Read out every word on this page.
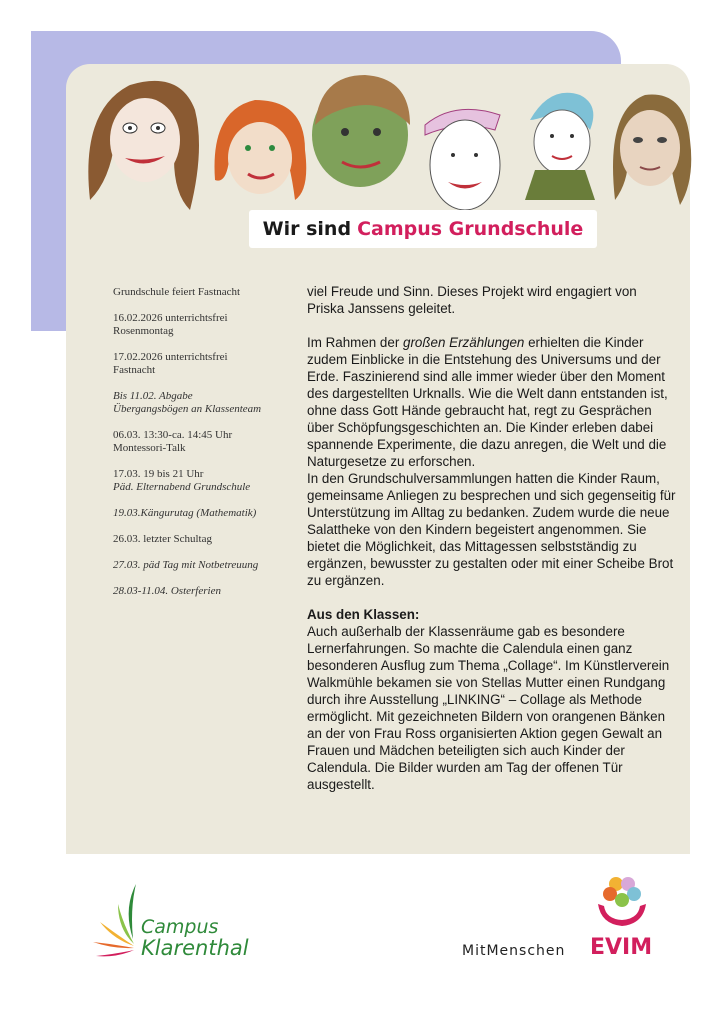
Wir sind Campus Grundschule
Grundschule feiert Fastnacht
16.02.2026 unterrichtsfrei
Rosenmontag
17.02.2026 unterrichtsfrei
Fastnacht
Bis 11.02. Abgabe
Übergangsbögen an Klassenteam
06.03. 13:30-ca. 14:45 Uhr
Montessori-Talk
17.03. 19 bis 21 Uhr
Päd. Elternabend Grundschule
19.03.Kängurutag (Mathematik)
26.03. letzter Schultag
27.03. päd Tag mit Notbetreuung
28.03-11.04. Osterferien

viel Freude und Sinn. Dieses Projekt wird engagiert von Priska Janssens geleitet.

Im Rahmen der großen Erzählungen erhielten die Kinder zudem Einblicke in die Entstehung des Universums und der Erde. Faszinierend sind alle immer wieder über den Moment des dargestellten Urknalls. Wie die Welt dann entstanden ist, ohne dass Gott Hände gebraucht hat, regt zu Gesprächen über Schöpfungsgeschichten an. Die Kinder erleben dabei spannende Experimente, die dazu anregen, die Welt und die Naturgesetze zu erforschen.

In den Grundschulversammlungen hatten die Kinder Raum, gemeinsame Anliegen zu besprechen und sich gegenseitig für Unterstützung im Alltag zu bedanken. Zudem wurde die neue Salattheke von den Kindern begeistert angenommen. Sie bietet die Möglichkeit, das Mittagessen selbstständig zu ergänzen, bewusster zu gestalten oder mit einer Scheibe Brot zu ergänzen.

Aus den Klassen:

Auch außerhalb der Klassenräume gab es besondere Lernerfahrungen. So machte die Calendula einen ganz besonderen Ausflug zum Thema „Collage“. Im Künstlerverein Walkmühle bekamen sie von Stellas Mutter einen Rundgang durch ihre Ausstellung „LINKING“ – Collage als Methode ermöglicht. Mit gezeichneten Bildern von orangenen Bänken an der von Frau Ross organisierten Aktion gegen Gewalt an Frauen und Mädchen beteiligten sich auch Kinder der Calendula. Die Bilder wurden am Tag der offenen Tür ausgestellt.

Campus
Klarenthal	MitMenschen EVIM
